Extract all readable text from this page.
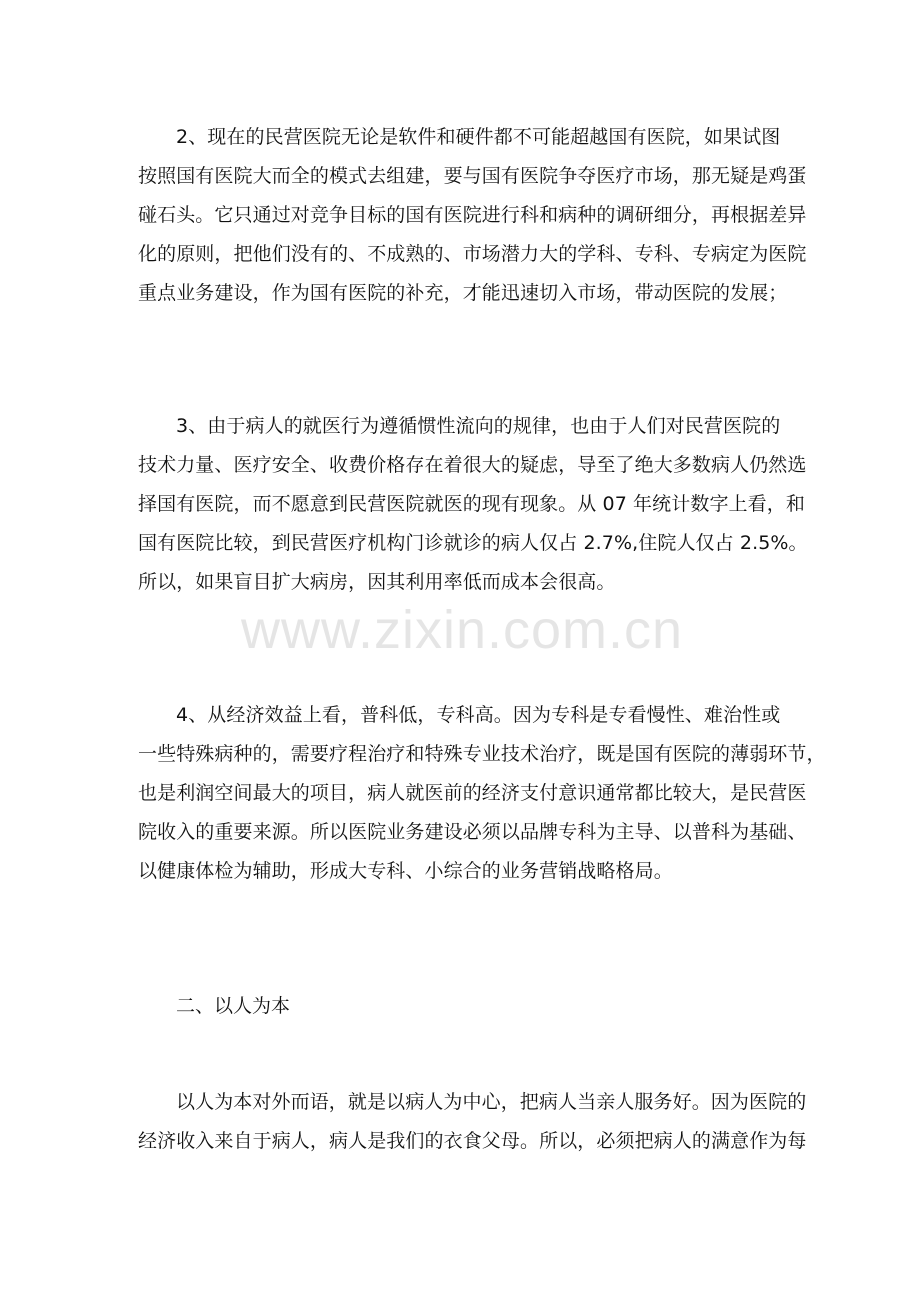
2、现在的民营医院无论是软件和硬件都不可能超越国有医院，如果试图
按照国有医院大而全的模式去组建，要与国有医院争夺医疗市场，那无疑是鸡蛋
碰石头。它只通过对竞争目标的国有医院进行科和病种的调研细分，再根据差异
化的原则，把他们没有的、不成熟的、市场潜力大的学科、专科、专病定为医院
重点业务建设，作为国有医院的补充，才能迅速切入市场，带动医院的发展；
3、由于病人的就医行为遵循惯性流向的规律，也由于人们对民营医院的
技术力量、医疗安全、收费价格存在着很大的疑虑，导至了绝大多数病人仍然选
择国有医院，而不愿意到民营医院就医的现有现象。从 07 年统计数字上看，和
国有医院比较，到民营医疗机构门诊就诊的病人仅占 2.7%,住院人仅占 2.5%。
所以，如果盲目扩大病房，因其利用率低而成本会很高。
4、从经济效益上看，普科低，专科高。因为专科是专看慢性、难治性或
一些特殊病种的，需要疗程治疗和特殊专业技术治疗，既是国有医院的薄弱环节，
也是利润空间最大的项目，病人就医前的经济支付意识通常都比较大，是民营医
院收入的重要来源。所以医院业务建设必须以品牌专科为主导、以普科为基础、
以健康体检为辅助，形成大专科、小综合的业务营销战略格局。
二、以人为本
以人为本对外而语，就是以病人为中心，把病人当亲人服务好。因为医院的
经济收入来自于病人，病人是我们的衣食父母。所以，必须把病人的满意作为每
www.zixin.com.cn
